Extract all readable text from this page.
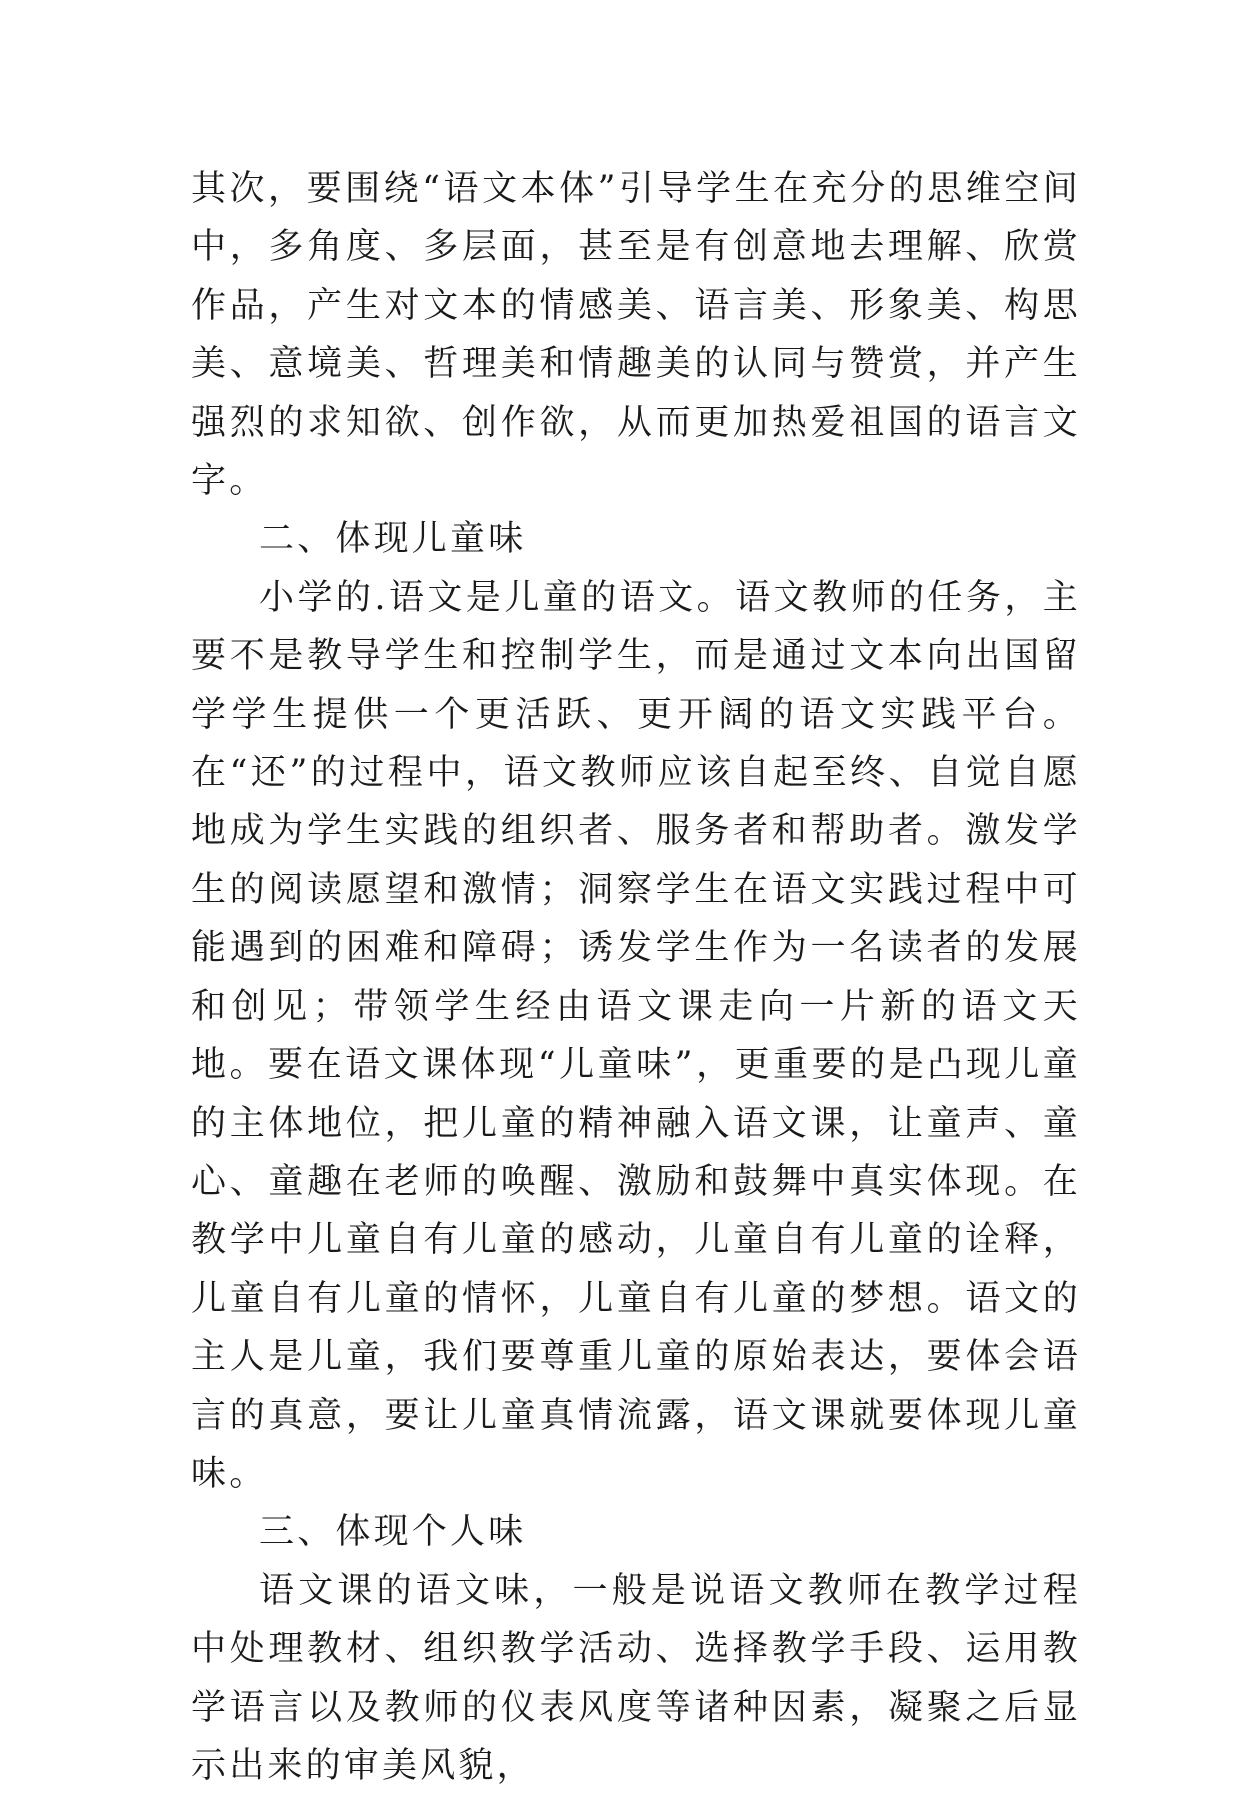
其次，要围绕“语文本体”引导学生在充分的思维空间中，多角度、多层面，甚至是有创意地去理解、欣赏作品，产生对文本的情感美、语言美、形象美、构思美、意境美、哲理美和情趣美的认同与赞赏，并产生强烈的求知欲、创作欲，从而更加热爱祖国的语言文字。

二、体现儿童味

小学的.语文是儿童的语文。语文教师的任务，主要不是教导学生和控制学生，而是通过文本向出国留学学生提供一个更活跃、更开阔的语文实践平台。在“还”的过程中，语文教师应该自起至终、自觉自愿地成为学生实践的组织者、服务者和帮助者。激发学生的阅读愿望和激情；洞察学生在语文实践过程中可能遇到的困难和障碍；诱发学生作为一名读者的发展和创见；带领学生经由语文课走向一片新的语文天地。要在语文课体现“儿童味”，更重要的是凸现儿童的主体地位，把儿童的精神融入语文课，让童声、童心、童趣在老师的唤醒、激励和鼓舞中真实体现。在教学中儿童自有儿童的感动，儿童自有儿童的诠释，儿童自有儿童的情怀，儿童自有儿童的梦想。语文的主人是儿童，我们要尊重儿童的原始表达，要体会语言的真意，要让儿童真情流露，语文课就要体现儿童味。

三、体现个人味

语文课的语文味，一般是说语文教师在教学过程中处理教材、组织教学活动、选择教学手段、运用教学语言以及教师的仪表风度等诸种因素，凝聚之后显示出来的审美风貌，
